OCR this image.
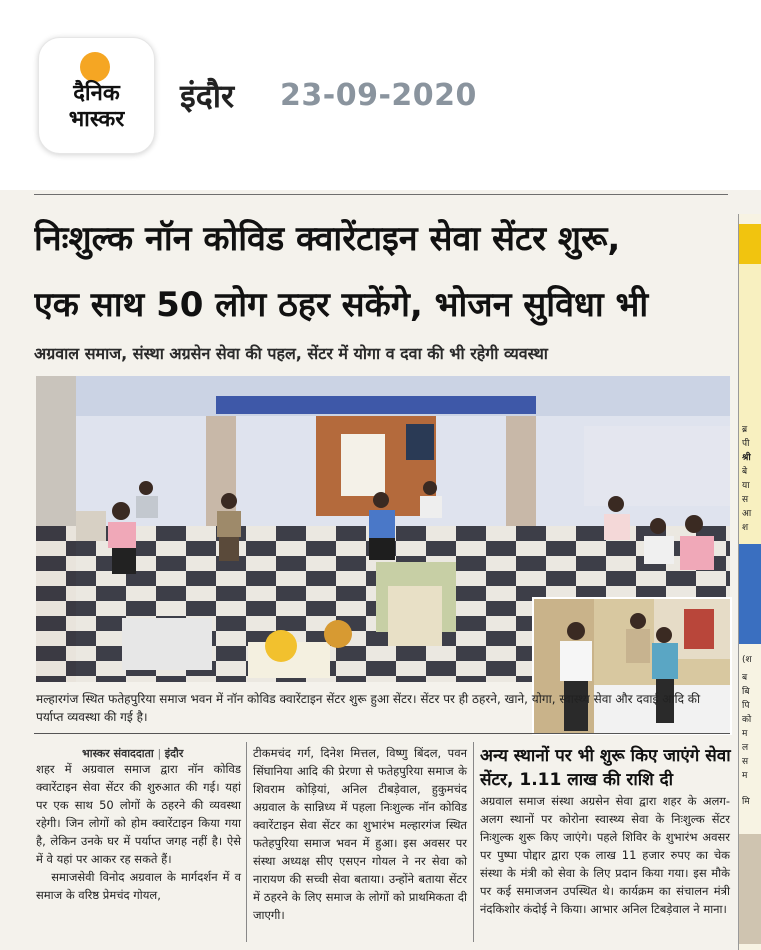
दैनिक
भास्कर
इंदौर 23-09-2020
निःशुल्क नॉन कोविड क्वारेंटाइन सेवा सेंटर शुरू,
एक साथ 50 लोग ठहर सकेंगे, भोजन सुविधा भी
अग्रवाल समाज, संस्था अग्रसेन सेवा की पहल, सेंटर में योगा व दवा की भी रहेगी व्यवस्था
मल्हारगंज स्थित फतेहपुरिया समाज भवन में नॉन कोविड क्वारेंटाइन सेंटर शुरू हुआ सेंटर। सेंटर पर ही ठहरने, खाने, योगा, स्वास्थ्य सेवा और दवाई आदि की पर्याप्त व्यवस्था की गई है।
भास्कर संवाददाता | इंदौर
शहर में अग्रवाल समाज द्वारा नॉन कोविड क्वारेंटाइन सेवा सेंटर की शुरुआत की गई। यहां पर एक साथ 50 लोगों के ठहरने की व्यवस्था रहेगी। जिन लोगों को होम क्वारेंटाइन किया गया है, लेकिन उनके घर में पर्याप्त जगह नहीं है। ऐसे में वे यहां पर आकर रह सकते हैं।
समाजसेवी विनोद अग्रवाल के मार्गदर्शन में व समाज के वरिष्ठ प्रेमचंद गोयल,
टीकमचंद गर्ग, दिनेश मित्तल, विष्णु बिंदल, पवन सिंघानिया आदि की प्रेरणा से फतेहपुरिया समाज के शिवराम कोड़ियां, अनिल टीबड़ेवाल, हुकुमचंद अग्रवाल के सान्निध्य में पहला निःशुल्क नॉन कोविड क्वारेंटाइन सेवा सेंटर का शुभारंभ मल्हारगंज स्थित फतेहपुरिया समाज भवन में हुआ। इस अवसर पर संस्था अध्यक्ष सीए एसएन गोयल ने नर सेवा को नारायण की सच्ची सेवा बताया। उन्होंने बताया सेंटर में ठहरने के लिए समाज के लोगों को प्राथमिकता दी जाएगी।
अन्य स्थानों पर भी शुरू किए जाएंगे सेवा सेंटर, 1.11 लाख की राशि दी
अग्रवाल समाज संस्था अग्रसेन सेवा द्वारा शहर के अलग-अलग स्थानों पर कोरोना स्वास्थ्य सेवा के निःशुल्क सेंटर निःशुल्क शुरू किए जाएंगे। पहले शिविर के शुभारंभ अवसर पर पुष्पा पोद्दार द्वारा एक लाख 11 हजार रुपए का चेक संस्था के मंत्री को सेवा के लिए प्रदान किया गया। इस मौके पर कई समाजजन उपस्थित थे। कार्यक्रम का संचालन मंत्री नंदकिशोर कंदोई ने किया। आभार अनिल टिबड़ेवाल ने माना।
ब्र
पी
श्री
बे
या
स
आ
श
(श
ब
बि
पि
को
म
ल
स
म
मि
